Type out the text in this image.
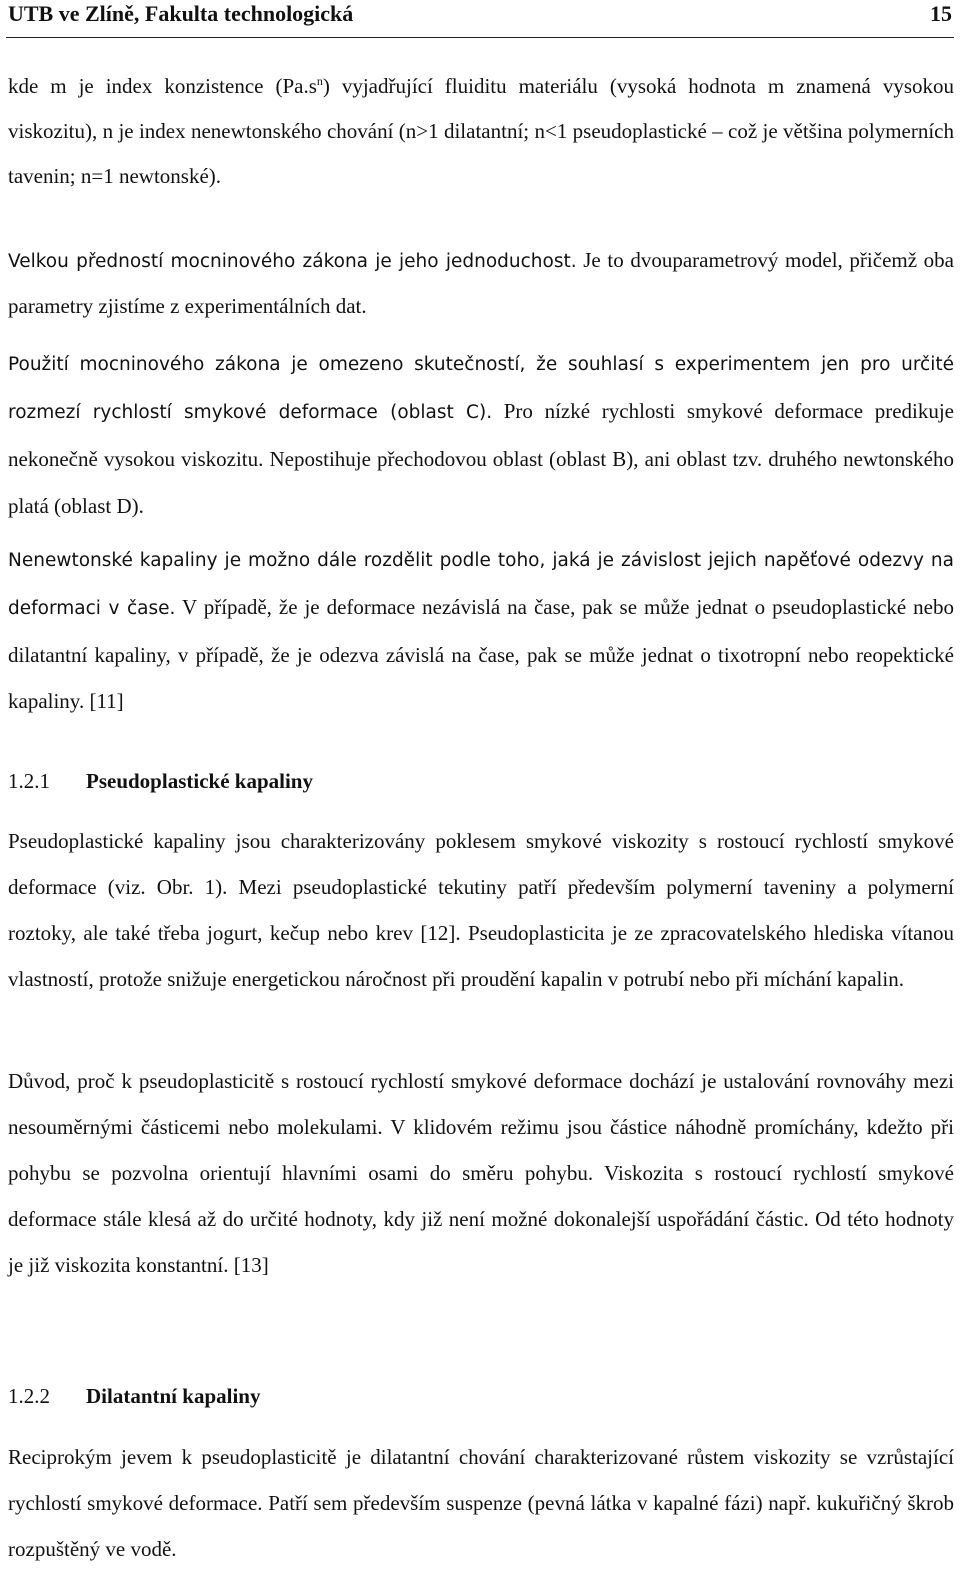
UTB ve Zlíně, Fakulta technologická	15

kde m je index konzistence $(Pa.s^n)$ vyjadřující fluiditu materiálu (vysoká hodnota m znamená vysokou viskozitu), n je index nenewtonského chování (n>1 dilatantní; n<1 pseudoplastické – což je většina polymerních tavenin; n=1 newtonské).

Velkou předností mocninového zákona je jeho jednoduchost. Je to dvouparametrový model, přičemž oba parametry zjistíme z experimentálních dat.

Použití mocninového zákona je omezeno skutečností, že souhlasí s experimentem jen pro určité rozmezí rychlostí smykové deformace (oblast C). Pro nízké rychlosti smykové deformace predikuje nekonečně vysokou viskozitu. Nepostihuje přechodovou oblast (oblast B), ani oblast tzv. druhého newtonského platá (oblast D).

Nenewtonské kapaliny je možno dále rozdělit podle toho, jaká je závislost jejich napěťové odezvy na deformaci v čase. V případě, že je deformace nezávislá na čase, pak se může jednat o pseudoplastické nebo dilatantní kapaliny, v případě, že je odezva závislá na čase, pak se může jednat o tixotropní nebo reopektické kapaliny. [11]

1.2.1 Pseudoplastické kapaliny

Pseudoplastické kapaliny jsou charakterizovány poklesem smykové viskozity s rostoucí rychlostí smykové deformace (viz. Obr. 1). Mezi pseudoplastické tekutiny patří především polymerní taveniny a polymerní roztoky, ale také třeba jogurt, kečup nebo krev [12]. Pseudoplasticita je ze zpracovatelského hlediska vítanou vlastností, protože snižuje energetickou náročnost při proudění kapalin v potrubí nebo při míchání kapalin.

Důvod, proč k pseudoplasticitě s rostoucí rychlostí smykové deformace dochází je ustalování rovnováhy mezi nesouměrnými částicemi nebo molekulami. V klidovém režimu jsou částice náhodně promíchány, kdežto při pohybu se pozvolna orientují hlavními osami do směru pohybu. Viskozita s rostoucí rychlostí smykové deformace stále klesá až do určité hodnoty, kdy již není možné dokonalejší uspořádání částic. Od této hodnoty je již viskozita konstantní. [13]

1.2.2 Dilatantní kapaliny

Reciprokým jevem k pseudoplasticitě je dilatantní chování charakterizované růstem viskozity se vzrůstající rychlostí smykové deformace. Patří sem především suspenze (pevná látka v kapalné fázi) např. kukuřičný škrob rozpuštěný ve vodě.
